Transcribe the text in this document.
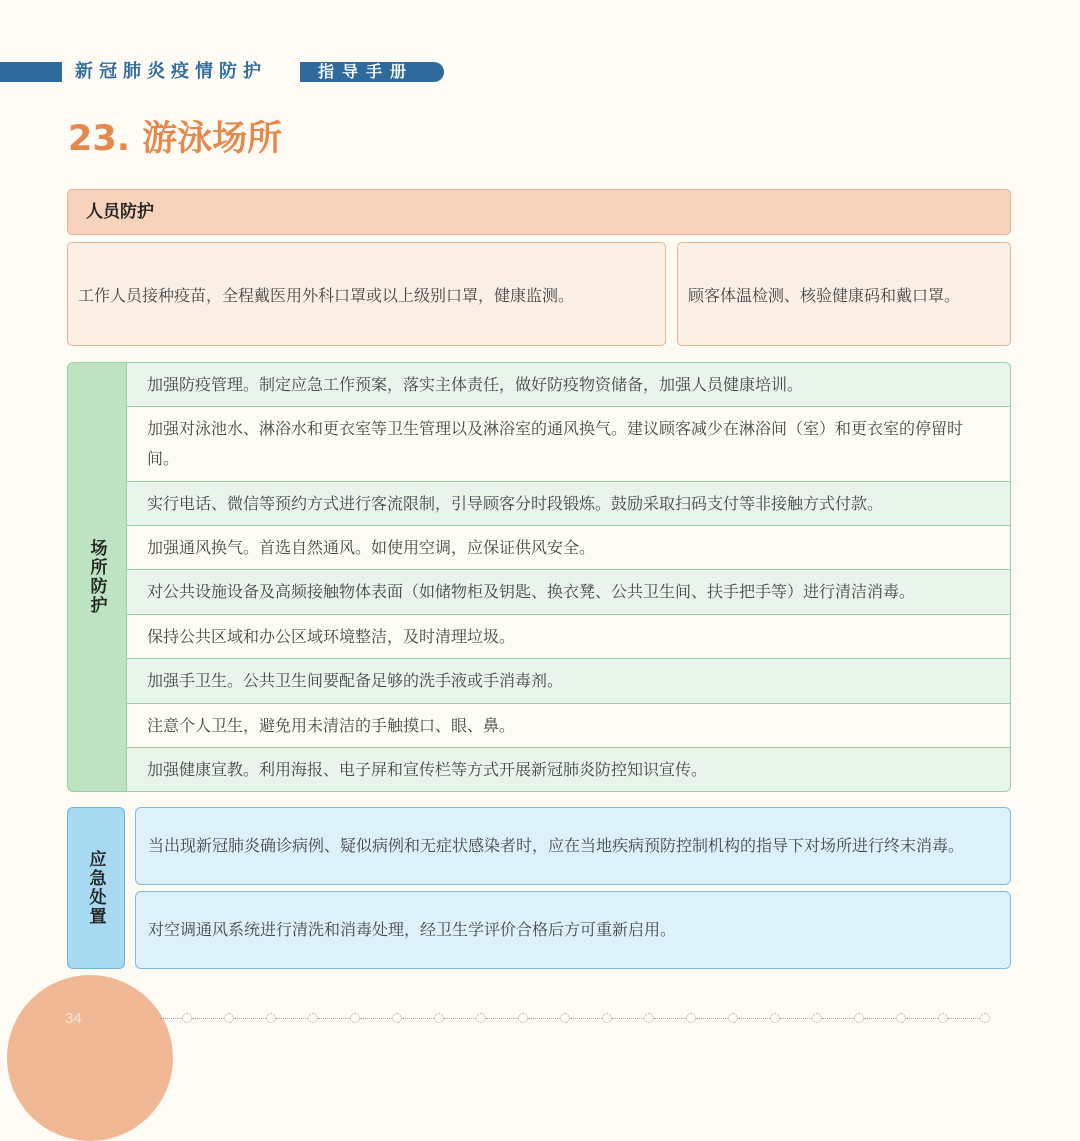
新冠肺炎疫情防护	指导手册
23. 游泳场所
人员防护
工作人员接种疫苗，全程戴医用外科口罩或以上级别口罩，健康监测。	顾客体温检测、核验健康码和戴口罩。
场所防护
加强防疫管理。制定应急工作预案，落实主体责任，做好防疫物资储备，加强人员健康培训。
加强对泳池水、淋浴水和更衣室等卫生管理以及淋浴室的通风换气。建议顾客减少在淋浴间（室）和更衣室的停留时间。
实行电话、微信等预约方式进行客流限制，引导顾客分时段锻炼。鼓励采取扫码支付等非接触方式付款。
加强通风换气。首选自然通风。如使用空调，应保证供风安全。
对公共设施设备及高频接触物体表面（如储物柜及钥匙、换衣凳、公共卫生间、扶手把手等）进行清洁消毒。
保持公共区域和办公区域环境整洁，及时清理垃圾。
加强手卫生。公共卫生间要配备足够的洗手液或手消毒剂。
注意个人卫生，避免用未清洁的手触摸口、眼、鼻。
加强健康宣教。利用海报、电子屏和宣传栏等方式开展新冠肺炎防控知识宣传。
应急处置
当出现新冠肺炎确诊病例、疑似病例和无症状感染者时，应在当地疾病预防控制机构的指导下对场所进行终末消毒。
对空调通风系统进行清洗和消毒处理，经卫生学评价合格后方可重新启用。
34
